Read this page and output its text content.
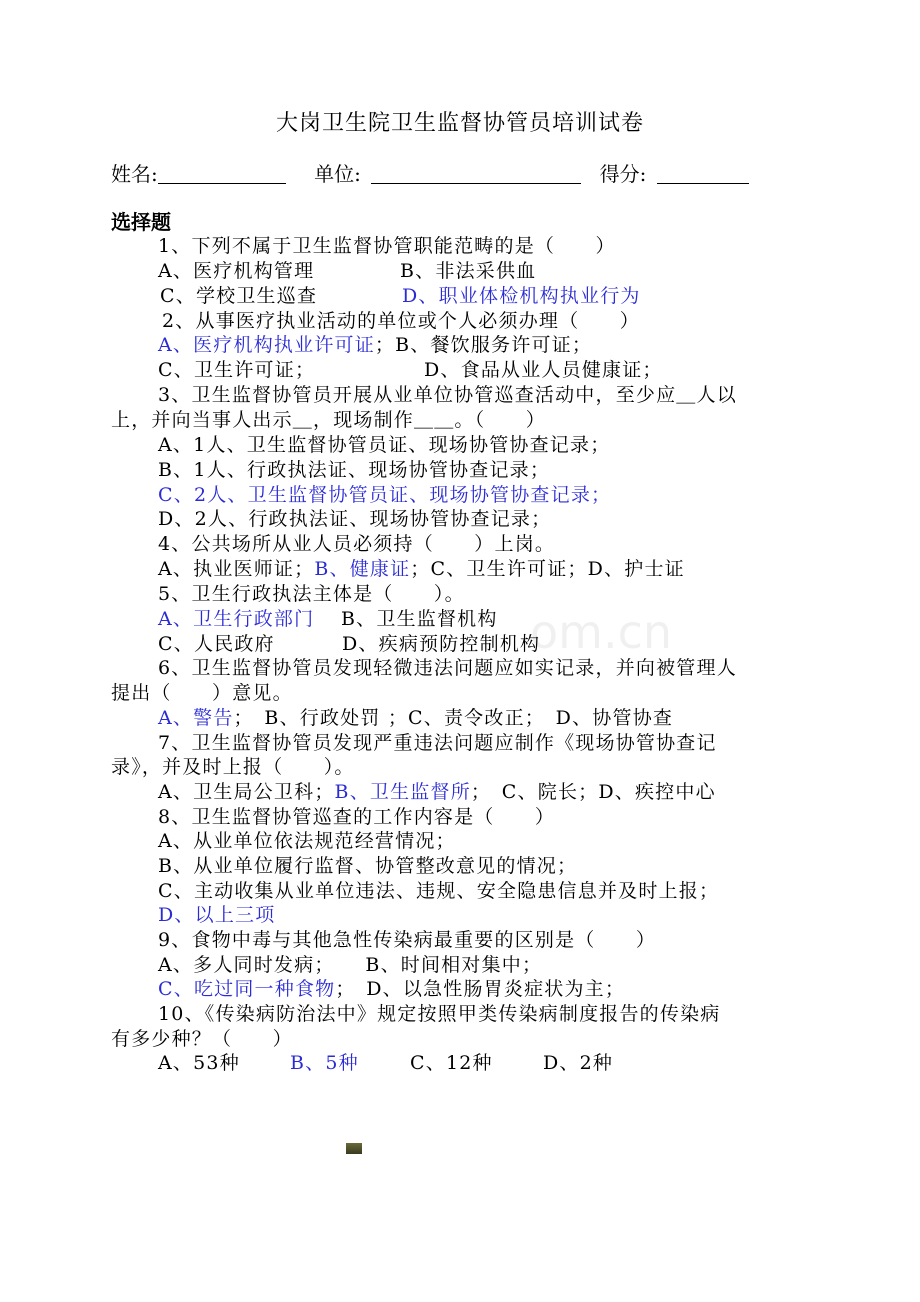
om.cn
大岗卫生院卫生监督协管员培训试卷
姓名:	单位:	得分:
选择题
1、下列不属于卫生监督协管职能范畴的是（　　）
A、医疗机构管理	B、非法采供血
C、学校卫生巡查	D、职业体检机构执业行为
2、从事医疗执业活动的单位或个人必须办理（　　）
A、医疗机构执业许可证；B、餐饮服务许可证；
C、卫生许可证；	D、食品从业人员健康证；
3、卫生监督协管员开展从业单位协管巡查活动中，至少应＿人以
上，并向当事人出示＿，现场制作＿＿。（　　）
A、1人、卫生监督协管员证、现场协管协查记录；
B、1人、行政执法证、现场协管协查记录；
C、2人、卫生监督协管员证、现场协管协查记录；
D、2人、行政执法证、现场协管协查记录；
4、公共场所从业人员必须持（　　）上岗。
A、执业医师证；B、健康证；C、卫生许可证；D、护士证
5、卫生行政执法主体是（　　）。
A、卫生行政部门 B、卫生监督机构
C、人民政府	D、疾病预防控制机构
6、卫生监督协管员发现轻微违法问题应如实记录，并向被管理人
提出（　　）意见。
A、警告；　B、行政处罚 ；C、责令改正；　D、协管协查
7、卫生监督协管员发现严重违法问题应制作《现场协管协查记
录》，并及时上报（　　）。
A、卫生局公卫科；B、卫生监督所；　C、院长；D、疾控中心
8、卫生监督协管巡查的工作内容是（　　）
A、从业单位依法规范经营情况；
B、从业单位履行监督、协管整改意见的情况；
C、主动收集从业单位违法、违规、安全隐患信息并及时上报；
D、以上三项
9、食物中毒与其他急性传染病最重要的区别是（　　）
A、多人同时发病；　　B、时间相对集中；
C、吃过同一种食物；　D、以急性肠胃炎症状为主；
10、《传染病防治法中》规定按照甲类传染病制度报告的传染病
有多少种？（　　）
A、53种	B、5种	C、12种	D、2种
